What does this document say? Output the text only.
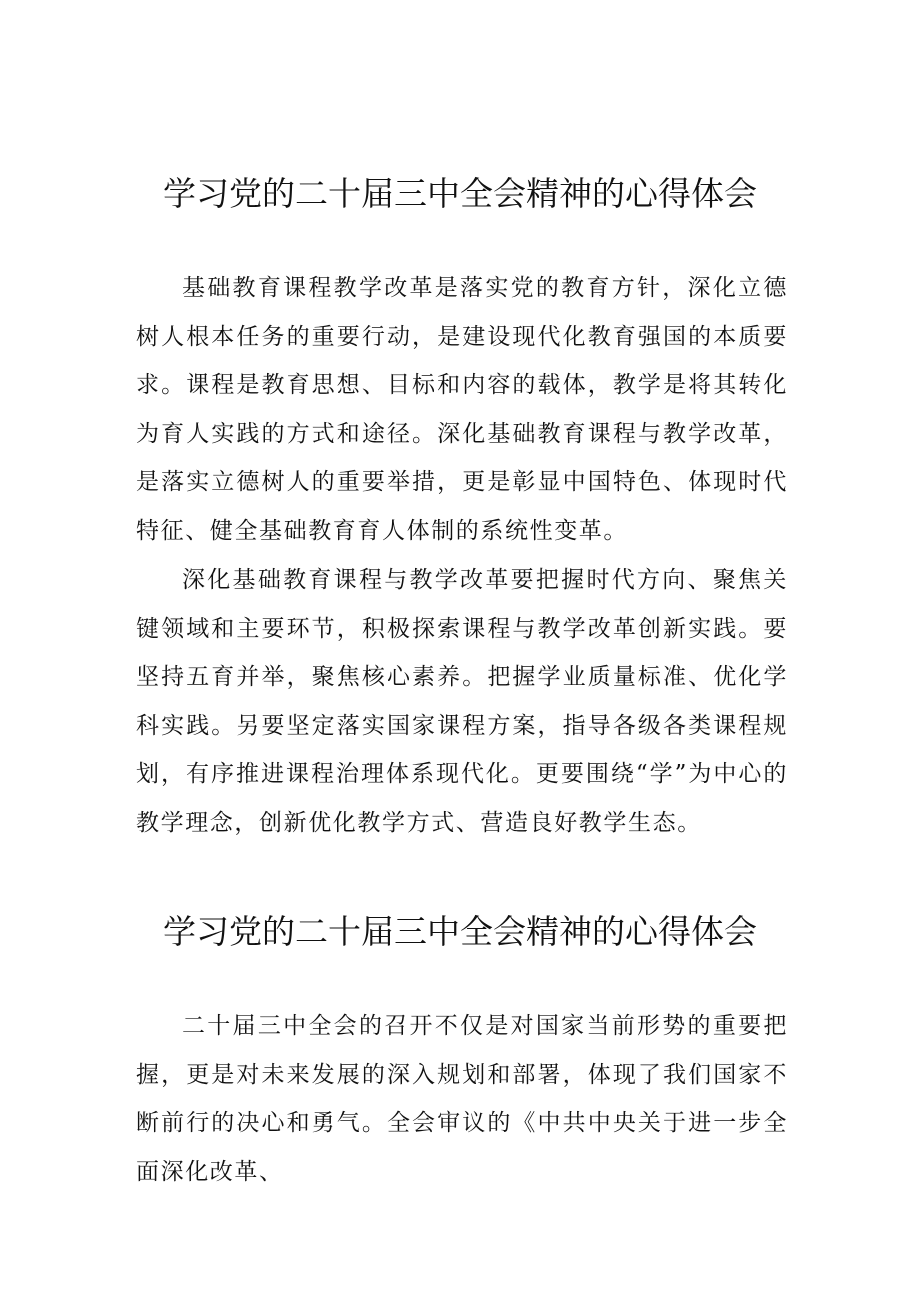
学习党的二十届三中全会精神的心得体会

基础教育课程教学改革是落实党的教育方针，深化立德树人根本任务的重要行动，是建设现代化教育强国的本质要求。课程是教育思想、目标和内容的载体，教学是将其转化为育人实践的方式和途径。深化基础教育课程与教学改革，是落实立德树人的重要举措，更是彰显中国特色、体现时代特征、健全基础教育育人体制的系统性变革。

深化基础教育课程与教学改革要把握时代方向、聚焦关键领域和主要环节，积极探索课程与教学改革创新实践。要坚持五育并举，聚焦核心素养。把握学业质量标准、优化学科实践。另要坚定落实国家课程方案，指导各级各类课程规划，有序推进课程治理体系现代化。更要围绕“学”为中心的教学理念，创新优化教学方式、营造良好教学生态。

学习党的二十届三中全会精神的心得体会

二十届三中全会的召开不仅是对国家当前形势的重要把握，更是对未来发展的深入规划和部署，体现了我们国家不断前行的决心和勇气。全会审议的《中共中央关于进一步全面深化改革、
